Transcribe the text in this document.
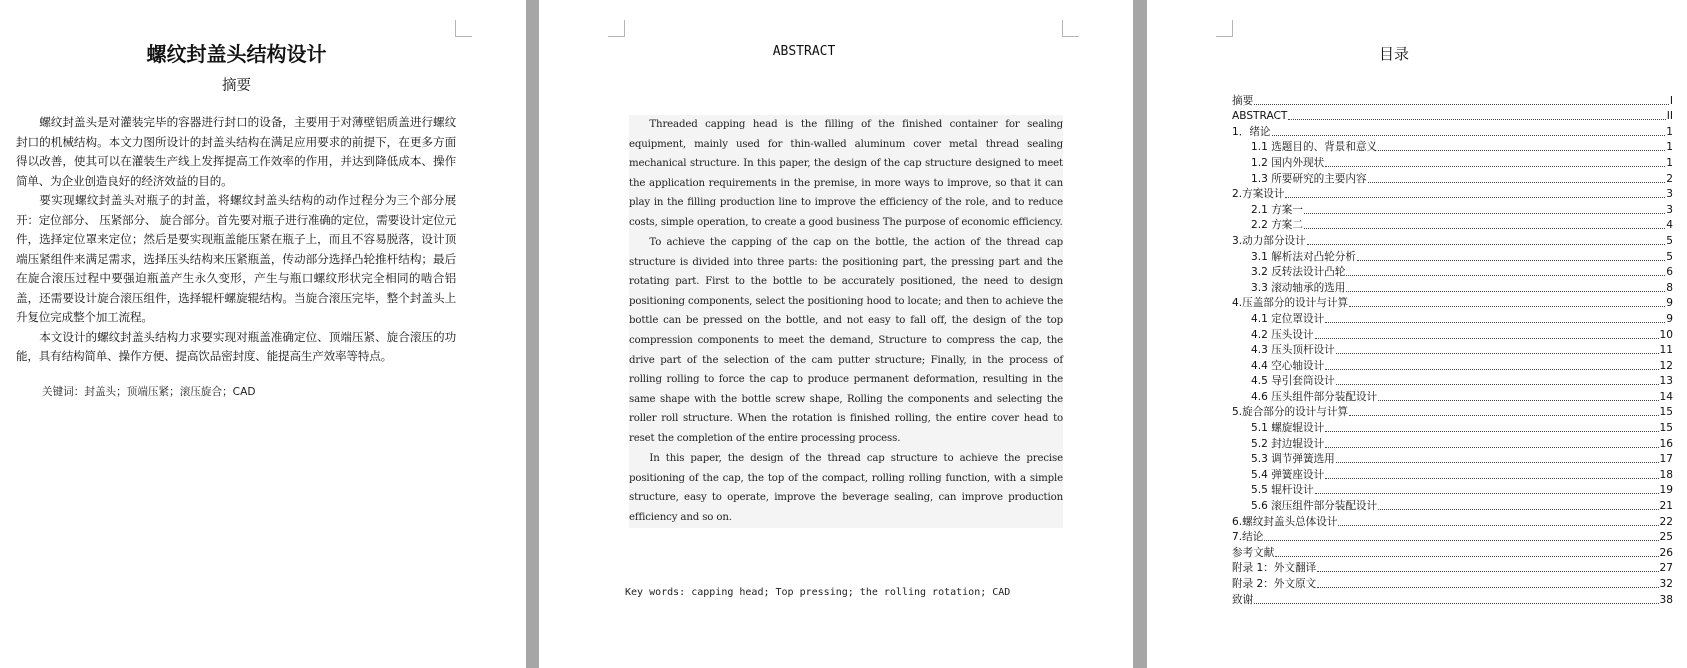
螺纹封盖头结构设计
摘要

螺纹封盖头是对灌装完毕的容器进行封口的设备，主要用于对薄壁铝质盖进行螺纹封口的机械结构。本文力图所设计的封盖头结构在满足应用要求的前提下，在更多方面得以改善，使其可以在灌装生产线上发挥提高工作效率的作用，并达到降低成本、操作简单、为企业创造良好的经济效益的目的。

要实现螺纹封盖头对瓶子的封盖，将螺纹封盖头结构的动作过程分为三个部分展开：定位部分、 压紧部分、 旋合部分。首先要对瓶子进行准确的定位，需要设计定位元件，选择定位罩来定位；然后是要实现瓶盖能压紧在瓶子上，而且不容易脱落，设计顶端压紧组件来满足需求，选择压头结构来压紧瓶盖，传动部分选择凸轮推杆结构；最后在旋合滚压过程中要强迫瓶盖产生永久变形，产生与瓶口螺纹形状完全相同的啮合铝盖，还需要设计旋合滚压组件，选择辊杆螺旋辊结构。当旋合滚压完毕，整个封盖头上升复位完成整个加工流程。

本文设计的螺纹封盖头结构力求要实现对瓶盖准确定位、顶端压紧、旋合滚压的功能，具有结构简单、操作方便、提高饮品密封度、能提高生产效率等特点。

关键词：封盖头；顶端压紧；滚压旋合；CAD
ABSTRACT

Threaded capping head is the filling of the finished container for sealing equipment, mainly used for thin-walled aluminum cover metal thread sealing mechanical structure. In this paper, the design of the cap structure designed to meet the application requirements in the premise, in more ways to improve, so that it can play in the filling production line to improve the efficiency of the role, and to reduce costs, simple operation, to create a good business The purpose of economic efficiency.

To achieve the capping of the cap on the bottle, the action of the thread cap structure is divided into three parts: the positioning part, the pressing part and the rotating part. First to the bottle to be accurately positioned, the need to design positioning components, select the positioning hood to locate; and then to achieve the bottle can be pressed on the bottle, and not easy to fall off, the design of the top compression components to meet the demand, Structure to compress the cap, the drive part of the selection of the cam putter structure; Finally, in the process of rolling rolling to force the cap to produce permanent deformation, resulting in the same shape with the bottle screw shape, Rolling the components and selecting the roller roll structure. When the rotation is finished rolling, the entire cover head to reset the completion of the entire processing process.

In this paper, the design of the thread cap structure to achieve the precise positioning of the cap, the top of the compact, rolling rolling function, with a simple structure, easy to operate, improve the beverage sealing, can improve production efficiency and so on.

Key words: capping head; Top pressing; the rolling rotation; CAD
目录
摘要	I
ABSTRACT	II
1．绪论	1
1.1 选题目的、背景和意义	1
1.2 国内外现状	1
1.3 所要研究的主要内容	2
2.方案设计	3
2.1 方案一	3
2.2 方案二	4
3.动力部分设计	5
3.1 解析法对凸轮分析	5
3.2 反转法设计凸轮	6
3.3 滚动轴承的选用	8
4.压盖部分的设计与计算	9
4.1 定位罩设计	9
4.2 压头设计	10
4.3 压头顶杆设计	11
4.4 空心轴设计	12
4.5 导引套筒设计	13
4.6 压头组件部分装配设计	14
5.旋合部分的设计与计算	15
5.1 螺旋辊设计	15
5.2 封边辊设计	16
5.3 调节弹簧选用	17
5.4 弹簧座设计	18
5.5 辊杆设计	19
5.6 滚压组件部分装配设计	21
6.螺纹封盖头总体设计	22
7.结论	25
参考文献	26
附录 1：外文翻译	27
附录 2：外文原文	32
致谢	38
